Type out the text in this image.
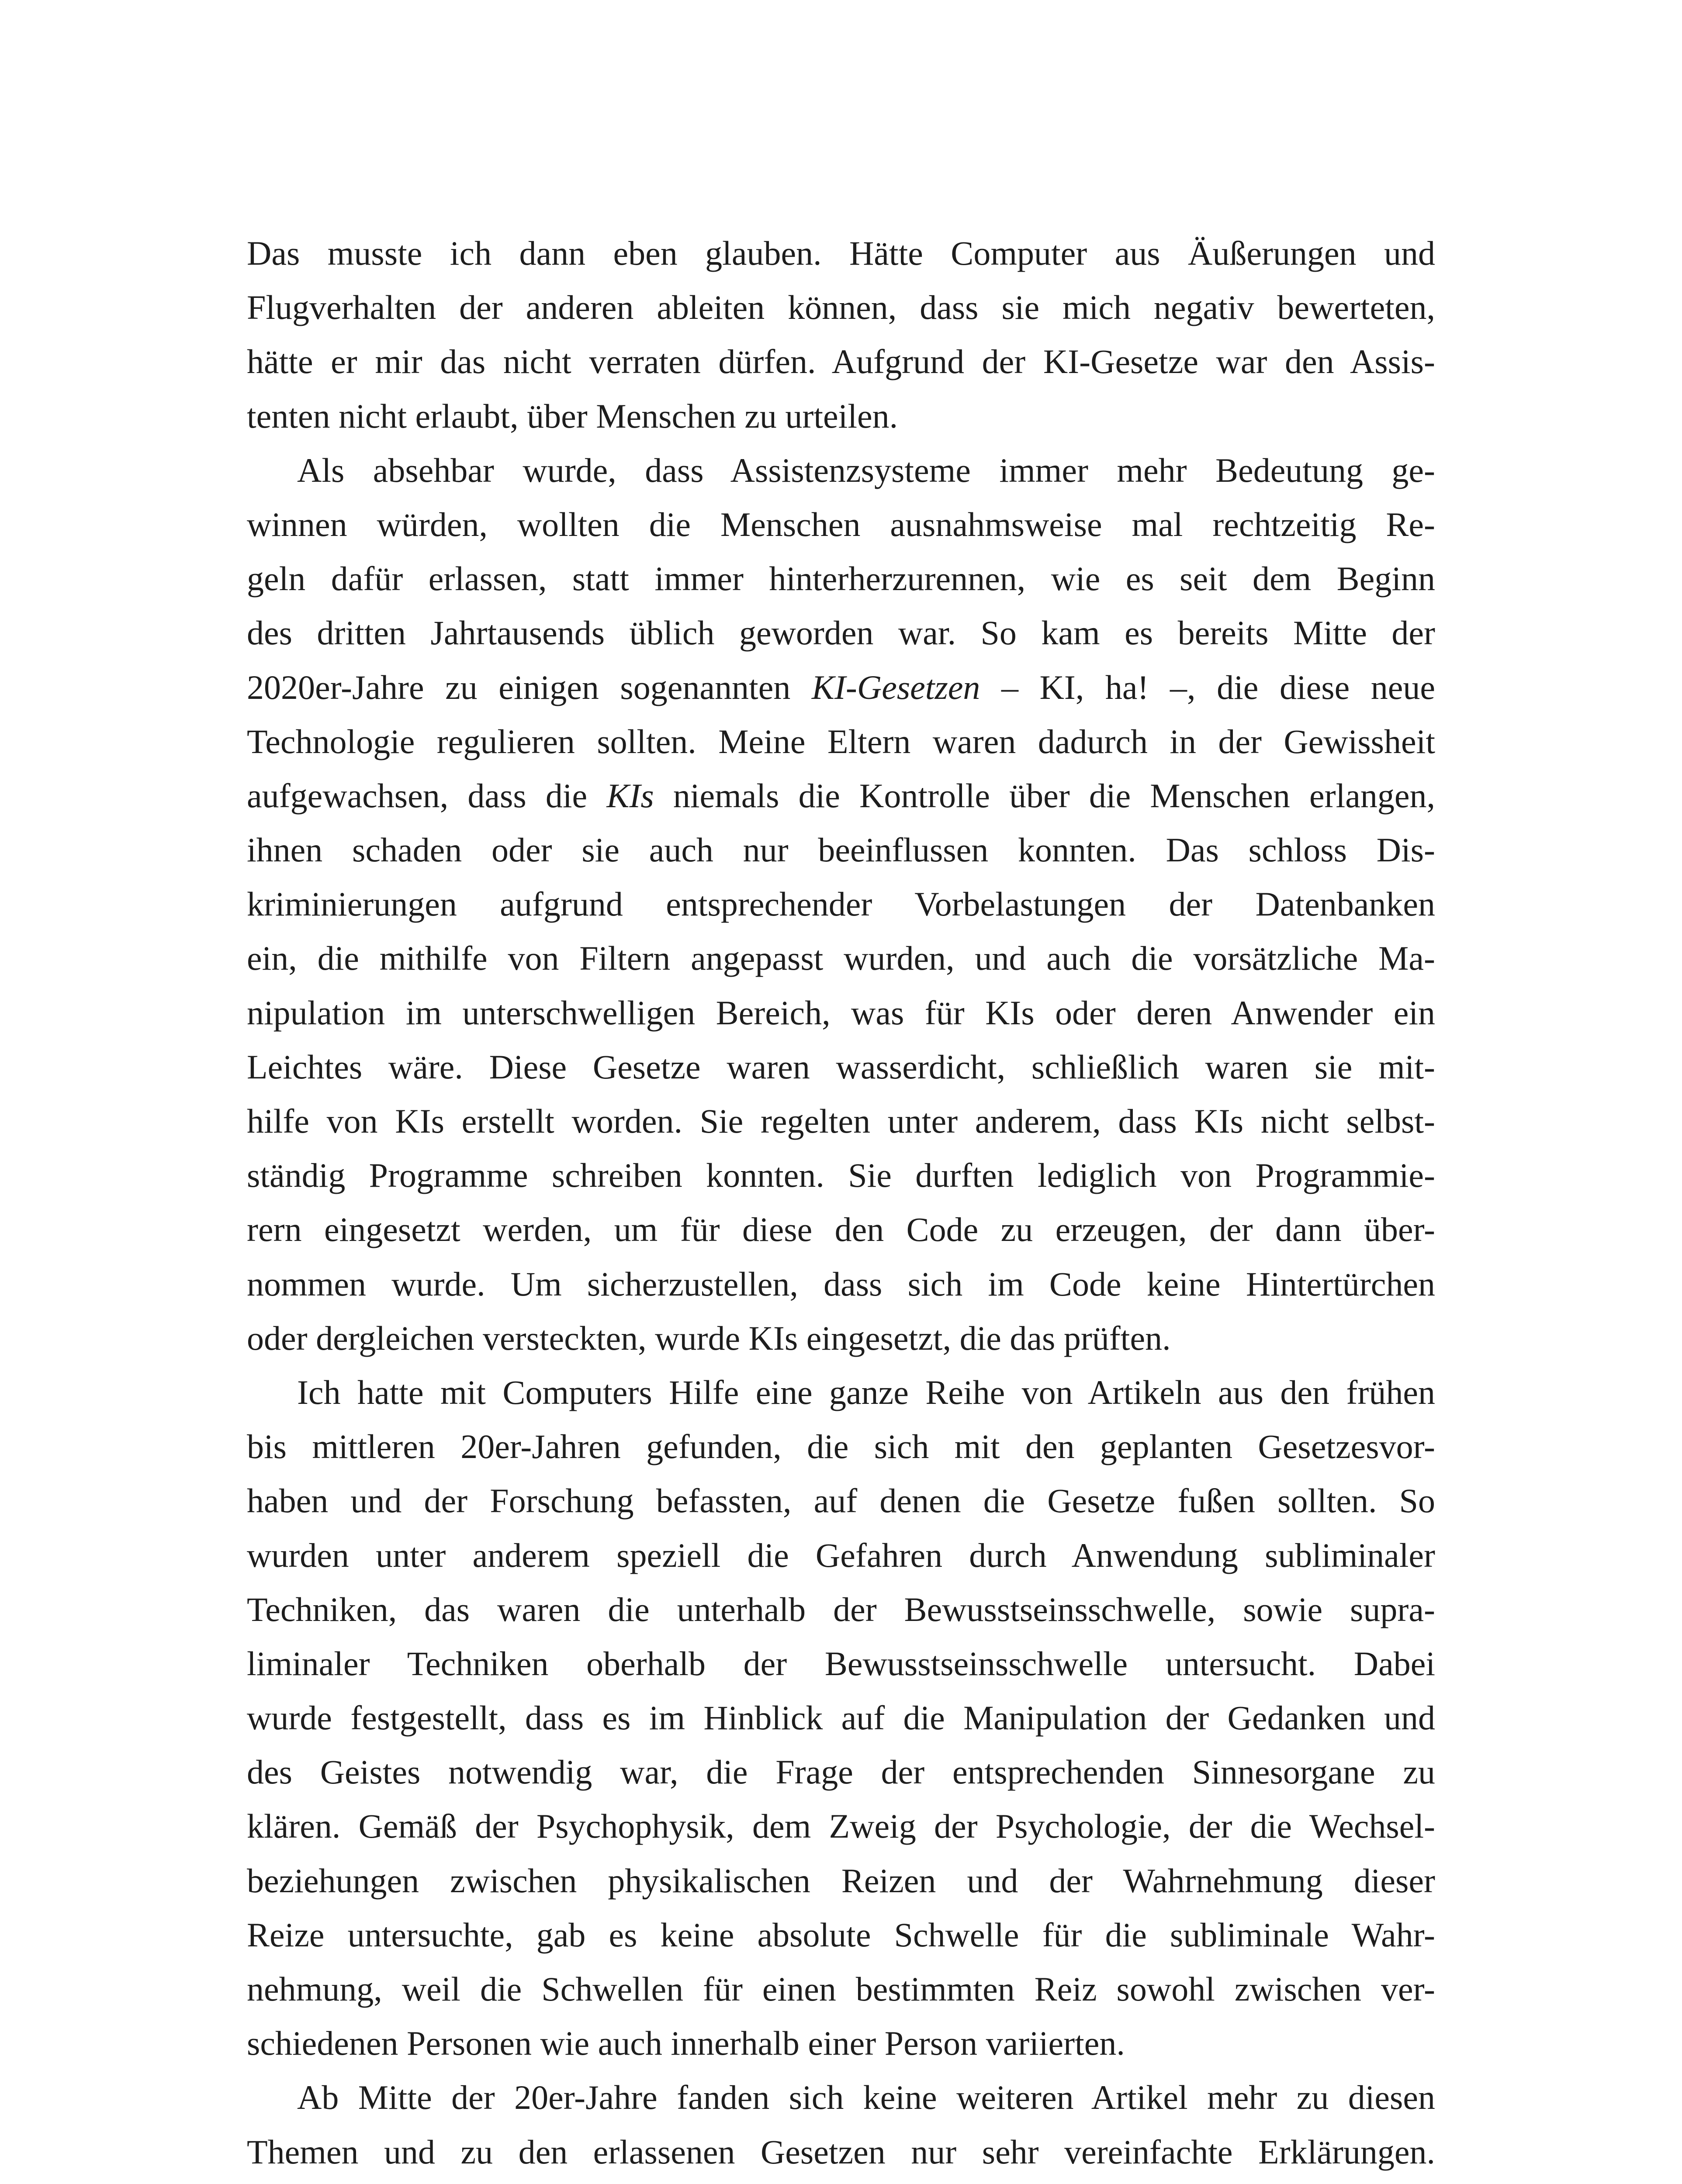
Das musste ich dann eben glauben. Hätte Computer aus Äußerungen und
Flugverhalten der anderen ableiten können, dass sie mich negativ bewerteten,
hätte er mir das nicht verraten dürfen. Aufgrund der KI-Gesetze war den Assis-
tenten nicht erlaubt, über Menschen zu urteilen.
Als absehbar wurde, dass Assistenzsysteme immer mehr Bedeutung ge-
winnen würden, wollten die Menschen ausnahmsweise mal rechtzeitig Re-
geln dafür erlassen, statt immer hinterherzurennen, wie es seit dem Beginn
des dritten Jahrtausends üblich geworden war. So kam es bereits Mitte der
2020er-Jahre zu einigen sogenannten KI-Gesetzen – KI, ha! –, die diese neue
Technologie regulieren sollten. Meine Eltern waren dadurch in der Gewissheit
aufgewachsen, dass die KIs niemals die Kontrolle über die Menschen erlangen,
ihnen schaden oder sie auch nur beeinflussen konnten. Das schloss Dis-
kriminierungen aufgrund entsprechender Vorbelastungen der Datenbanken
ein, die mithilfe von Filtern angepasst wurden, und auch die vorsätzliche Ma-
nipulation im unterschwelligen Bereich, was für KIs oder deren Anwender ein
Leichtes wäre. Diese Gesetze waren wasserdicht, schließlich waren sie mit-
hilfe von KIs erstellt worden. Sie regelten unter anderem, dass KIs nicht selbst-
ständig Programme schreiben konnten. Sie durften lediglich von Programmie-
rern eingesetzt werden, um für diese den Code zu erzeugen, der dann über-
nommen wurde. Um sicherzustellen, dass sich im Code keine Hintertürchen
oder dergleichen versteckten, wurde KIs eingesetzt, die das prüften.
Ich hatte mit Computers Hilfe eine ganze Reihe von Artikeln aus den frühen
bis mittleren 20er-Jahren gefunden, die sich mit den geplanten Gesetzesvor-
haben und der Forschung befassten, auf denen die Gesetze fußen sollten. So
wurden unter anderem speziell die Gefahren durch Anwendung subliminaler
Techniken, das waren die unterhalb der Bewusstseinsschwelle, sowie supra-
liminaler Techniken oberhalb der Bewusstseinsschwelle untersucht. Dabei
wurde festgestellt, dass es im Hinblick auf die Manipulation der Gedanken und
des Geistes notwendig war, die Frage der entsprechenden Sinnesorgane zu
klären. Gemäß der Psychophysik, dem Zweig der Psychologie, der die Wechsel-
beziehungen zwischen physikalischen Reizen und der Wahrnehmung dieser
Reize untersuchte, gab es keine absolute Schwelle für die subliminale Wahr-
nehmung, weil die Schwellen für einen bestimmten Reiz sowohl zwischen ver-
schiedenen Personen wie auch innerhalb einer Person variierten.
Ab Mitte der 20er-Jahre fanden sich keine weiteren Artikel mehr zu diesen
Themen und zu den erlassenen Gesetzen nur sehr vereinfachte Erklärungen.
